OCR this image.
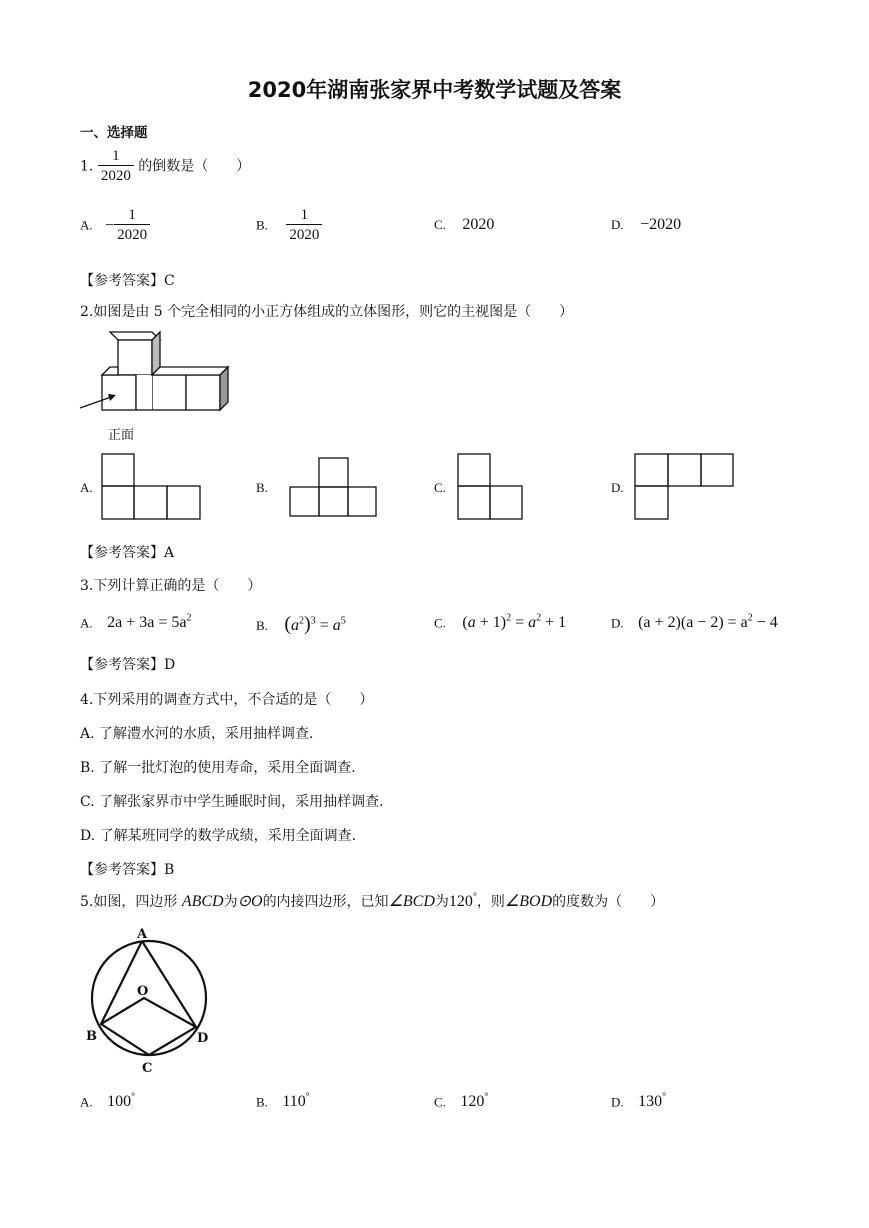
2020年湖南张家界中考数学试题及答案
一、选择题
1. $\frac{1}{2020}$ 的倒数是（　　）
A. − $\frac{1}{2020}$	B. $\frac{1}{2020}$	C. 2020	D. −2020
【参考答案】C
2.如图是由 5 个完全相同的小正方体组成的立体图形，则它的主视图是（　　）
正面
A.	B.	C.	D.
【参考答案】A
3.下列计算正确的是（　　）
A. $2a + 3a = 5a^2$	B. $(a^2)^3 = a^5$	C. $(a + 1)^2 = a^2 + 1$	D. $(a + 2)(a - 2) = a^2 - 4$
【参考答案】D
4.下列采用的调查方式中，不合适的是（　　）
A. 了解澧水河的水质，采用抽样调查.
B. 了解一批灯泡的使用寿命，采用全面调查.
C. 了解张家界市中学生睡眠时间，采用抽样调查.
D. 了解某班同学的数学成绩，采用全面调查.
【参考答案】B
5.如图，四边形 ABCD为⊙O的内接四边形，已知∠BCD为120°，则∠BOD的度数为（　　）
A
O
B
C
D
A. 100°	B. 110°	C. 120°	D. 130°
